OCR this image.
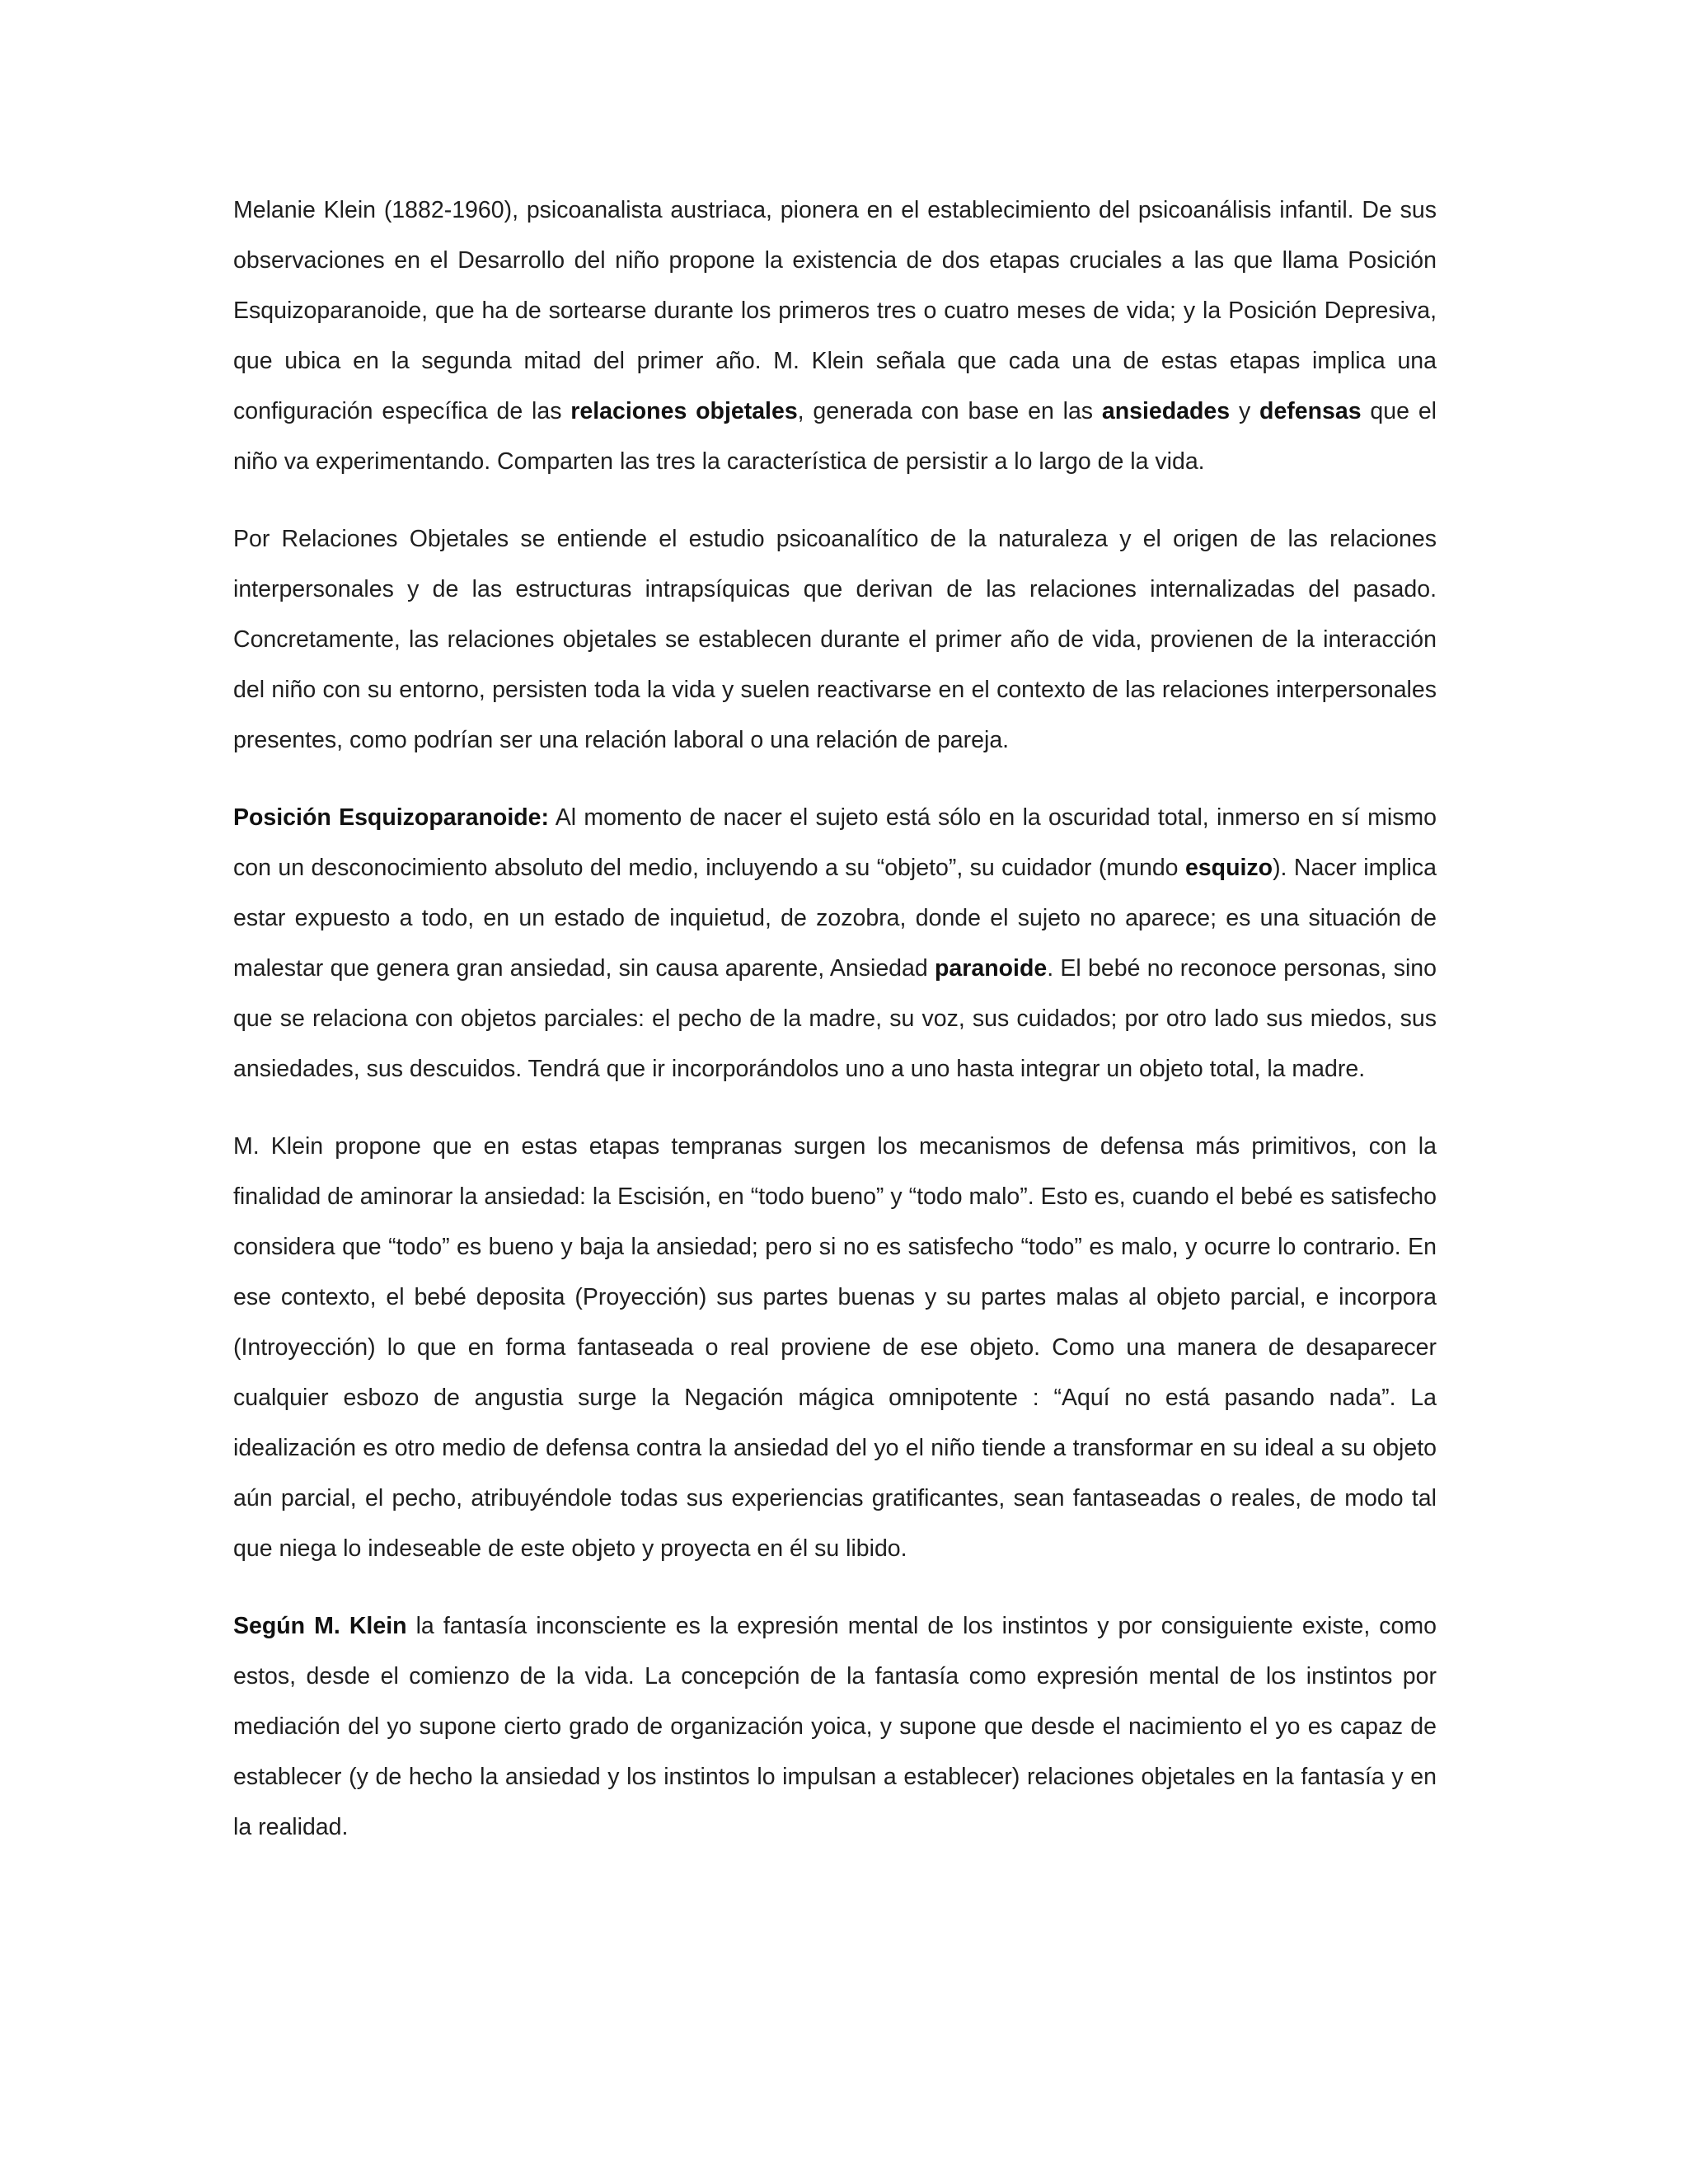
Melanie Klein (1882-1960), psicoanalista austriaca, pionera en el establecimiento del psicoanálisis infantil. De sus observaciones en el Desarrollo del niño propone la existencia de dos etapas cruciales a las que llama Posición Esquizoparanoide, que ha de sortearse durante los primeros tres o cuatro meses de vida; y la Posición Depresiva, que ubica en la segunda mitad del primer año. M. Klein señala que cada una de estas etapas implica una configuración específica de las relaciones objetales, generada con base en las ansiedades y defensas que el niño va experimentando. Comparten las tres la característica de persistir a lo largo de la vida.

Por Relaciones Objetales se entiende el estudio psicoanalítico de la naturaleza y el origen de las relaciones interpersonales y de las estructuras intrapsíquicas que derivan de las relaciones internalizadas del pasado. Concretamente, las relaciones objetales se establecen durante el primer año de vida, provienen de la interacción del niño con su entorno, persisten toda la vida y suelen reactivarse en el contexto de las relaciones interpersonales presentes, como podrían ser una relación laboral o una relación de pareja.

Posición Esquizoparanoide: Al momento de nacer el sujeto está sólo en la oscuridad total, inmerso en sí mismo con un desconocimiento absoluto del medio, incluyendo a su “objeto”, su cuidador (mundo esquizo). Nacer implica estar expuesto a todo, en un estado de inquietud, de zozobra, donde el sujeto no aparece; es una situación de malestar que genera gran ansiedad, sin causa aparente, Ansiedad paranoide. El bebé no reconoce personas, sino que se relaciona con objetos parciales: el pecho de la madre, su voz, sus cuidados; por otro lado sus miedos, sus ansiedades, sus descuidos. Tendrá que ir incorporándolos uno a uno hasta integrar un objeto total, la madre.

M. Klein propone que en estas etapas tempranas surgen los mecanismos de defensa más primitivos, con la finalidad de aminorar la ansiedad: la Escisión, en “todo bueno” y “todo malo”. Esto es, cuando el bebé es satisfecho considera que “todo” es bueno y baja la ansiedad; pero si no es satisfecho “todo” es malo, y ocurre lo contrario. En ese contexto, el bebé deposita (Proyección) sus partes buenas y su partes malas al objeto parcial, e incorpora (Introyección) lo que en forma fantaseada o real proviene de ese objeto. Como una manera de desaparecer cualquier esbozo de angustia surge la Negación mágica omnipotente : “Aquí no está pasando nada”. La idealización es otro medio de defensa contra la ansiedad del yo el niño tiende a transformar en su ideal a su objeto aún parcial, el pecho, atribuyéndole todas sus experiencias gratificantes, sean fantaseadas o reales, de modo tal que niega lo indeseable de este objeto y proyecta en él su libido.

Según M. Klein la fantasía inconsciente es la expresión mental de los instintos y por consiguiente existe, como estos, desde el comienzo de la vida. La concepción de la fantasía como expresión mental de los instintos por mediación del yo supone cierto grado de organización yoica, y supone que desde el nacimiento el yo es capaz de establecer (y de hecho la ansiedad y los instintos lo impulsan a establecer) relaciones objetales en la fantasía y en la realidad.
